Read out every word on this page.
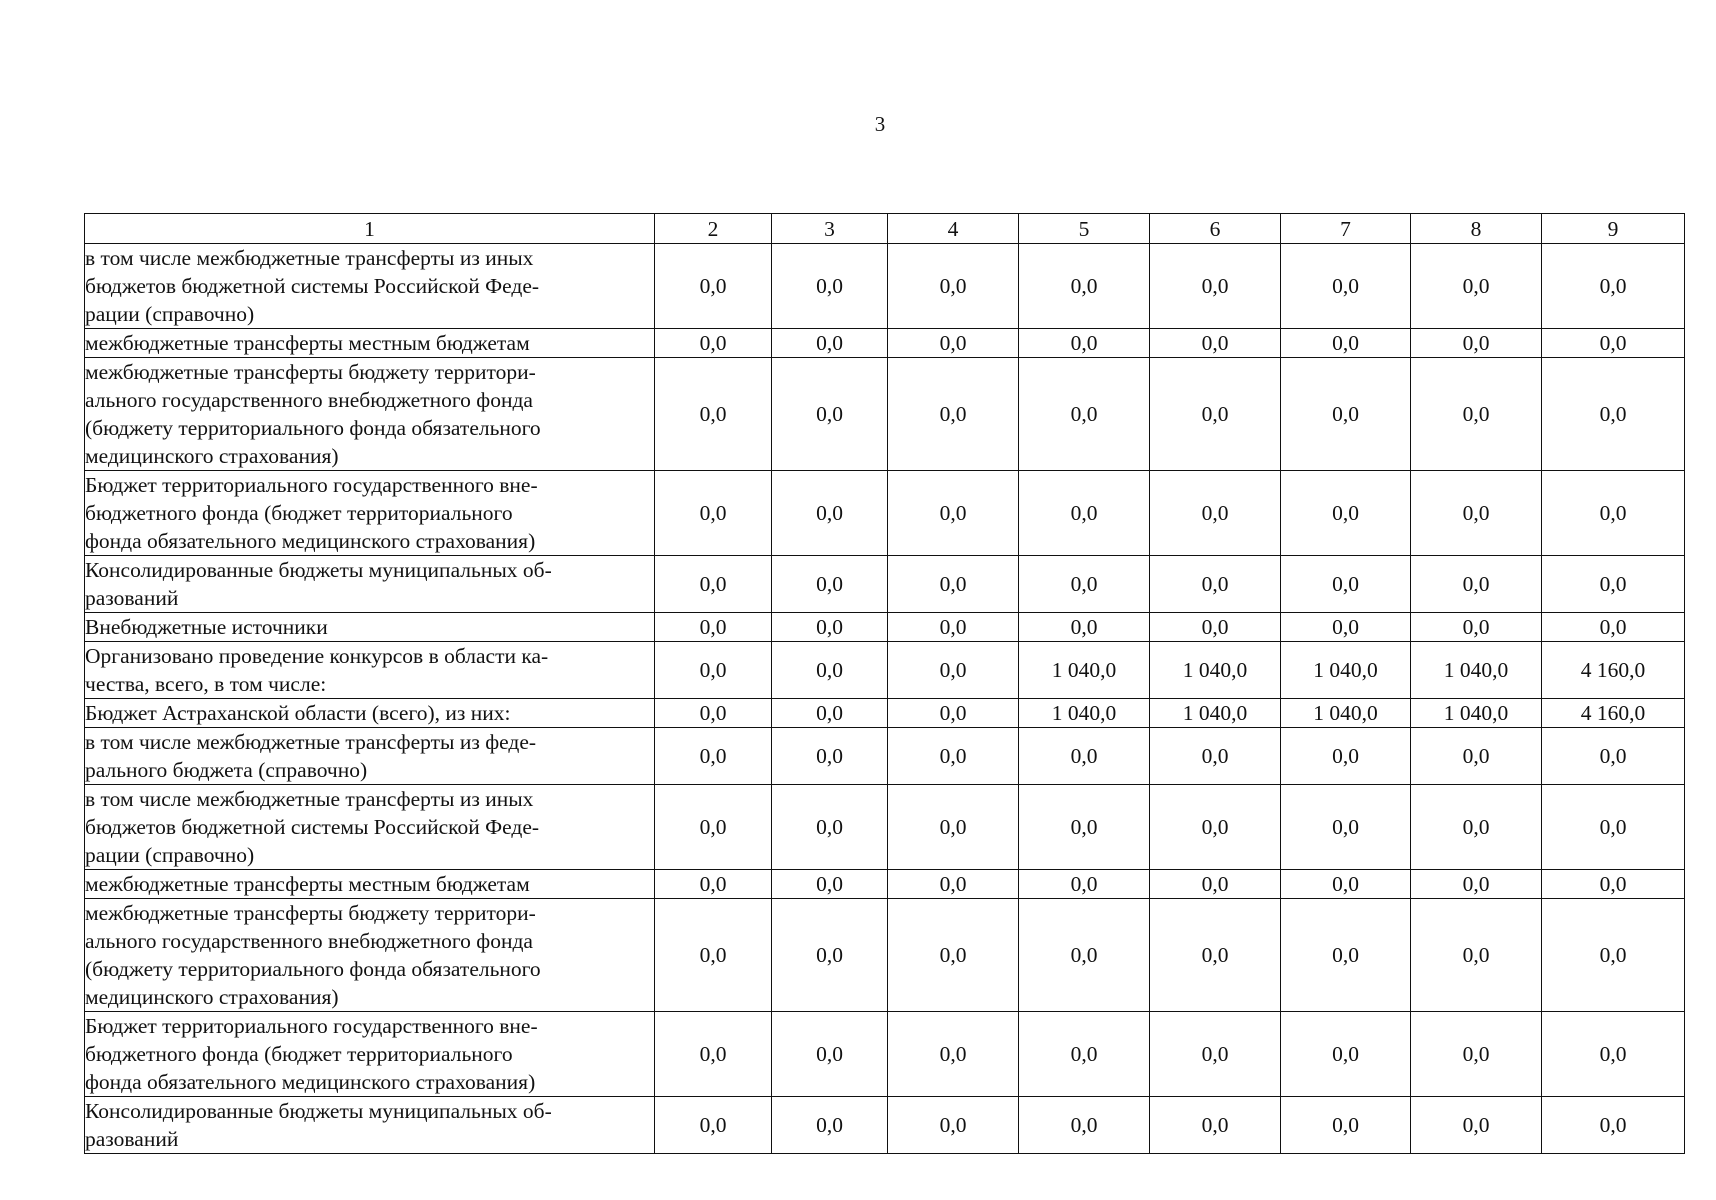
3
1	2	3	4	5	6	7	8	9

в том числе межбюджетные трансферты из иных
бюджетов бюджетной системы Российской Феде-
рации (справочно)	0,0	0,0	0,0	0,0	0,0	0,0	0,0	0,0

межбюджетные трансферты местным бюджетам	0,0	0,0	0,0	0,0	0,0	0,0	0,0	0,0

межбюджетные трансферты бюджету территори-
ального государственного внебюджетного фонда
(бюджету территориального фонда обязательного
медицинского страхования)	0,0	0,0	0,0	0,0	0,0	0,0	0,0	0,0

Бюджет территориального государственного вне-
бюджетного фонда (бюджет территориального
фонда обязательного медицинского страхования)	0,0	0,0	0,0	0,0	0,0	0,0	0,0	0,0

Консолидированные бюджеты муниципальных об-
разований	0,0	0,0	0,0	0,0	0,0	0,0	0,0	0,0

Внебюджетные источники	0,0	0,0	0,0	0,0	0,0	0,0	0,0	0,0

Организовано проведение конкурсов в области ка-
чества, всего, в том числе:	0,0	0,0	0,0	1 040,0	1 040,0	1 040,0	1 040,0	4 160,0

Бюджет Астраханской области (всего), из них:	0,0	0,0	0,0	1 040,0	1 040,0	1 040,0	1 040,0	4 160,0

в том числе межбюджетные трансферты из феде-
рального бюджета (справочно)	0,0	0,0	0,0	0,0	0,0	0,0	0,0	0,0

в том числе межбюджетные трансферты из иных
бюджетов бюджетной системы Российской Феде-
рации (справочно)	0,0	0,0	0,0	0,0	0,0	0,0	0,0	0,0

межбюджетные трансферты местным бюджетам	0,0	0,0	0,0	0,0	0,0	0,0	0,0	0,0

межбюджетные трансферты бюджету территори-
ального государственного внебюджетного фонда
(бюджету территориального фонда обязательного
медицинского страхования)	0,0	0,0	0,0	0,0	0,0	0,0	0,0	0,0

Бюджет территориального государственного вне-
бюджетного фонда (бюджет территориального
фонда обязательного медицинского страхования)	0,0	0,0	0,0	0,0	0,0	0,0	0,0	0,0

Консолидированные бюджеты муниципальных об-
разований	0,0	0,0	0,0	0,0	0,0	0,0	0,0	0,0
